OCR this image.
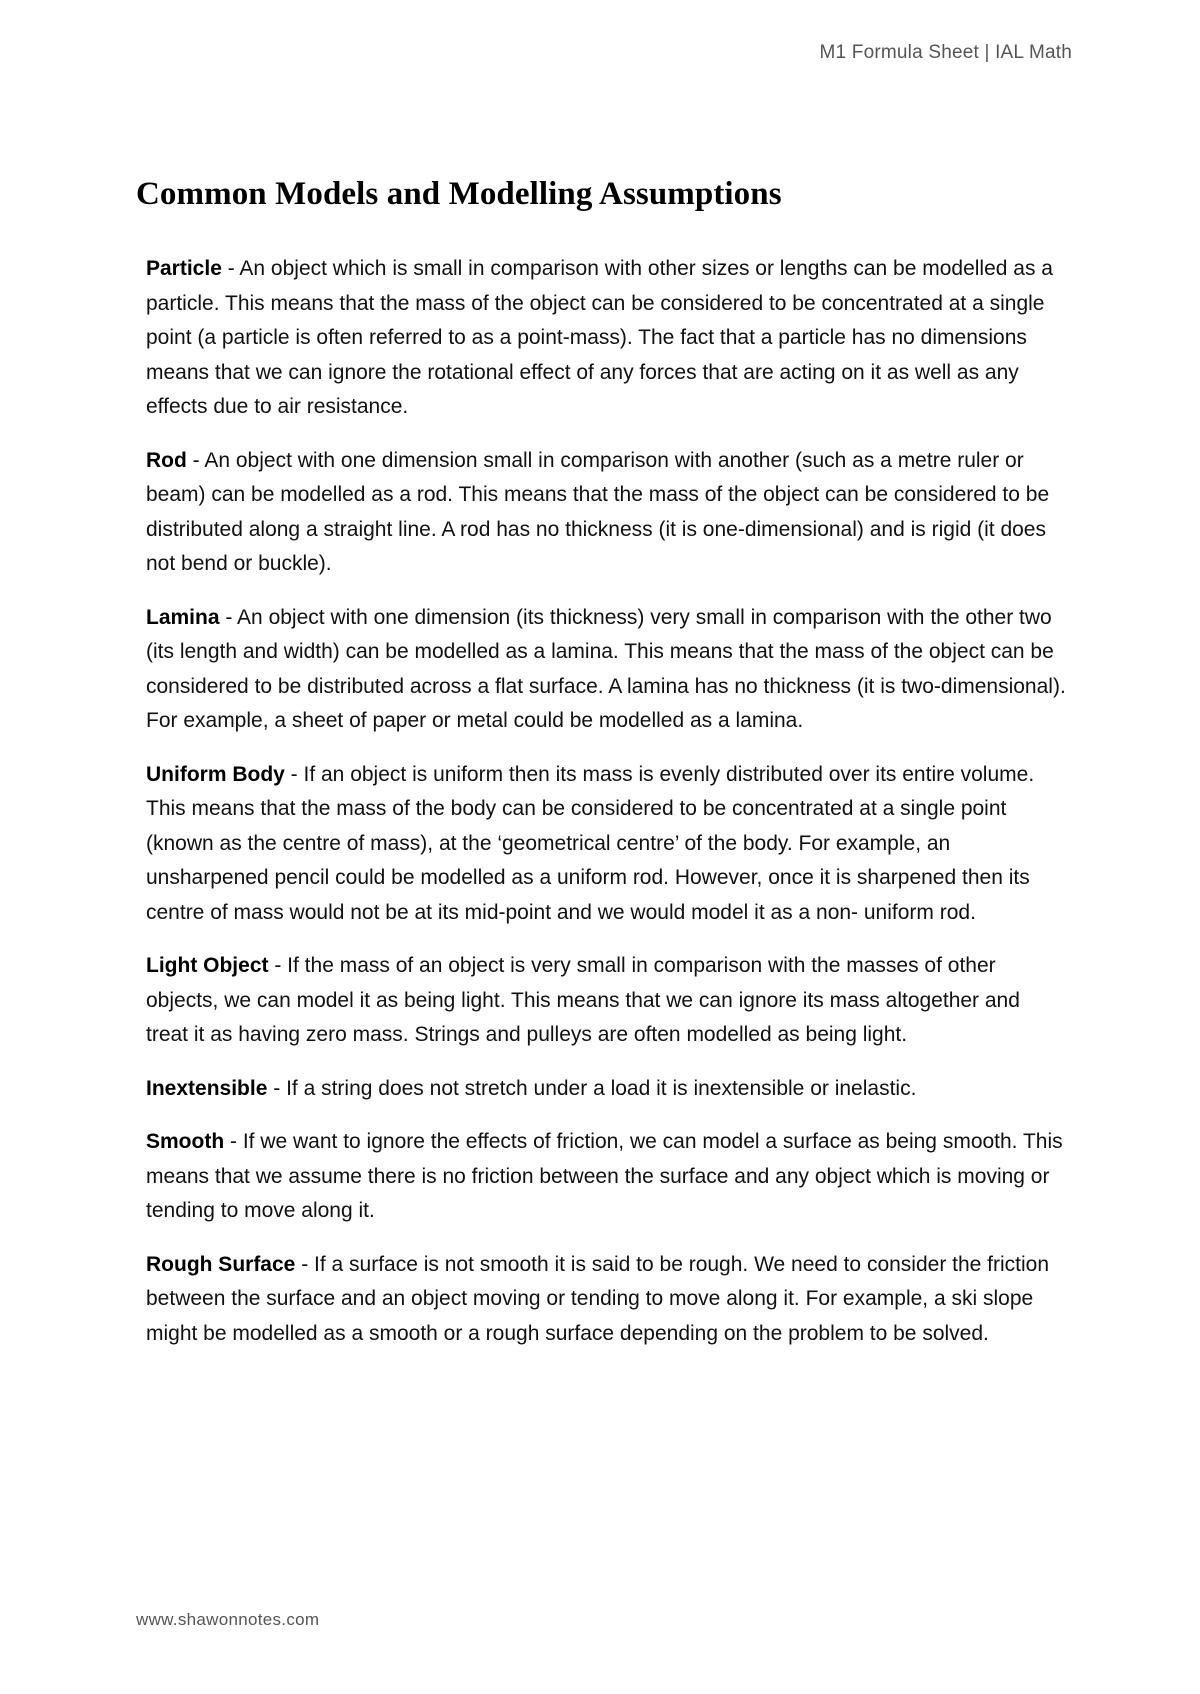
M1 Formula Sheet | IAL Math
Common Models and Modelling Assumptions

Particle - An object which is small in comparison with other sizes or lengths can be modelled as a particle. This means that the mass of the object can be considered to be concentrated at a single point (a particle is often referred to as a point-mass). The fact that a particle has no dimensions means that we can ignore the rotational effect of any forces that are acting on it as well as any effects due to air resistance.

Rod - An object with one dimension small in comparison with another (such as a metre ruler or beam) can be modelled as a rod. This means that the mass of the object can be considered to be distributed along a straight line. A rod has no thickness (it is one-dimensional) and is rigid (it does not bend or buckle).

Lamina - An object with one dimension (its thickness) very small in comparison with the other two (its length and width) can be modelled as a lamina. This means that the mass of the object can be considered to be distributed across a flat surface. A lamina has no thickness (it is two-dimensional). For example, a sheet of paper or metal could be modelled as a lamina.

Uniform Body - If an object is uniform then its mass is evenly distributed over its entire volume. This means that the mass of the body can be considered to be concentrated at a single point (known as the centre of mass), at the ‘geometrical centre’ of the body. For example, an unsharpened pencil could be modelled as a uniform rod. However, once it is sharpened then its centre of mass would not be at its mid-point and we would model it as a non- uniform rod.

Light Object - If the mass of an object is very small in comparison with the masses of other objects, we can model it as being light. This means that we can ignore its mass altogether and treat it as having zero mass. Strings and pulleys are often modelled as being light.

Inextensible - If a string does not stretch under a load it is inextensible or inelastic.

Smooth - If we want to ignore the effects of friction, we can model a surface as being smooth. This means that we assume there is no friction between the surface and any object which is moving or tending to move along it.

Rough Surface - If a surface is not smooth it is said to be rough. We need to consider the friction between the surface and an object moving or tending to move along it. For example, a ski slope might be modelled as a smooth or a rough surface depending on the problem to be solved.

www.shawonnotes.com
